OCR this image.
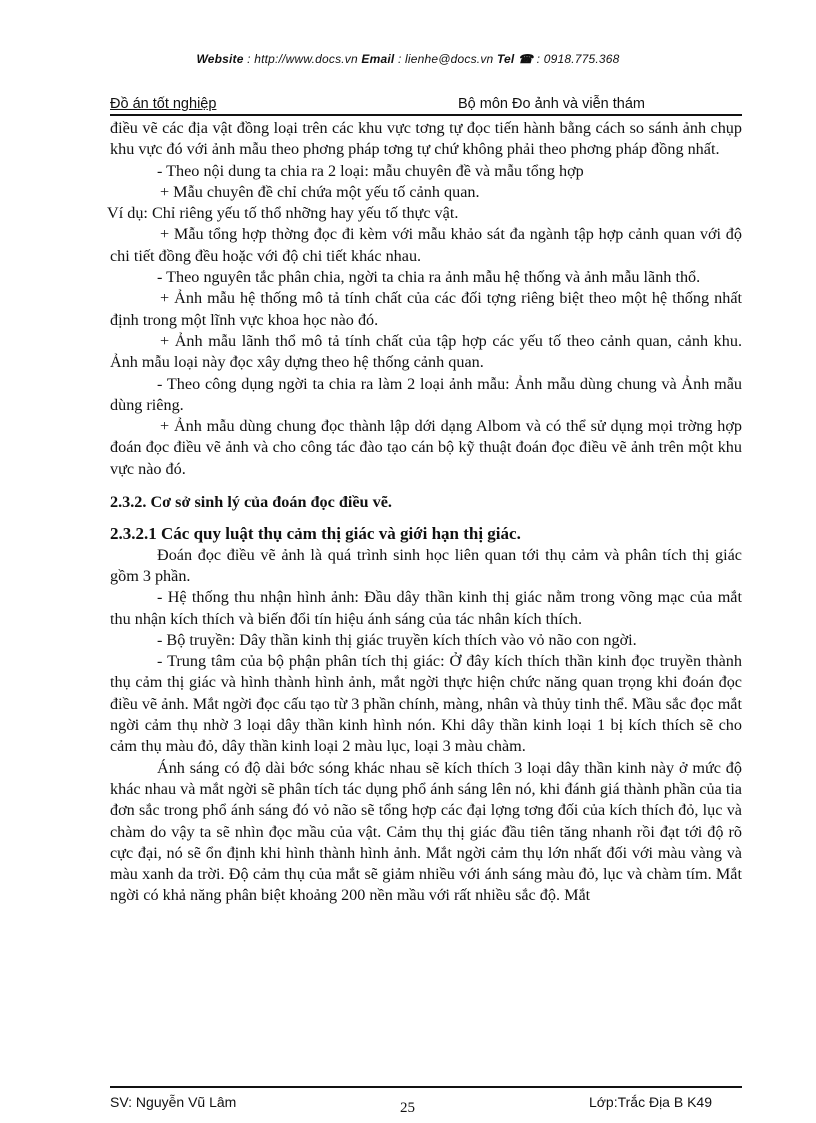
Website : http://www.docs.vn Email : lienhe@docs.vn Tel ☎ : 0918.775.368
Đồ án tốt nghiệp	Bộ môn Đo ảnh và viễn thám

điều vẽ các địa vật đồng loại trên các khu vực tơng tự đọc tiến hành bằng cách so sánh ảnh chụp khu vực đó với ảnh mẫu theo phơng pháp tơng tự chứ không phải theo phơng pháp đồng nhất.

- Theo nội dung ta chia ra 2 loại: mẫu chuyên đề và mẫu tổng hợp

+ Mẫu chuyên đề chỉ chứa một yếu tố cảnh quan.

Ví dụ: Chỉ riêng yếu tố thổ nhỡng hay yếu tố thực vật.

+ Mẫu tổng hợp thờng đọc đi kèm với mẫu khảo sát đa ngành tập hợp cảnh quan với độ chi tiết đồng đều hoặc với độ chi tiết khác nhau.

- Theo nguyên tắc phân chia, ngời ta chia ra ảnh mẫu hệ thống và ảnh mẫu lãnh thổ.

+ Ảnh mẫu hệ thống mô tả tính chất của các đối tợng riêng biệt theo một hệ thống nhất định trong một lĩnh vực khoa học nào đó.

+ Ảnh mẫu lãnh thổ mô tả tính chất của tập hợp các yếu tố theo cảnh quan, cảnh khu. Ảnh mẫu loại này đọc xây dựng theo hệ thống cảnh quan.

- Theo công dụng ngời ta chia ra làm 2 loại ảnh mẫu: Ảnh mẫu dùng chung và Ảnh mẫu dùng riêng.

+ Ảnh mẫu dùng chung đọc thành lập dới dạng Albom và có thể sử dụng mọi trờng hợp đoán đọc điều vẽ ảnh và cho công tác đào tạo cán bộ kỹ thuật đoán đọc điều vẽ ảnh trên một khu vực nào đó.

2.3.2. Cơ sở sinh lý của đoán đọc điều vẽ.

2.3.2.1 Các quy luật thụ cảm thị giác và giới hạn thị giác.

Đoán đọc điều vẽ ảnh là quá trình sinh học liên quan tới thụ cảm và phân tích thị giác gồm 3 phần.

- Hệ thống thu nhận hình ảnh: Đầu dây thần kinh thị giác nằm trong võng mạc của mắt thu nhận kích thích và biến đổi tín hiệu ánh sáng của tác nhân kích thích.

- Bộ truyền: Dây thần kinh thị giác truyền kích thích vào vỏ não con ngời.

- Trung tâm của bộ phận phân tích thị giác: Ở đây kích thích thần kinh đọc truyền thành thụ cảm thị giác và hình thành hình ảnh, mắt ngời thực hiện chức năng quan trọng khi đoán đọc điều vẽ ảnh. Mắt ngời đọc cấu tạo từ 3 phần chính, màng, nhân và thủy tinh thể. Mầu sắc đọc mắt ngời cảm thụ nhờ 3 loại dây thần kinh hình nón. Khi dây thần kinh loại 1 bị kích thích sẽ cho cảm thụ màu đỏ, dây thần kinh loại 2 màu lục, loại 3 màu chàm.

Ánh sáng có độ dài bớc sóng khác nhau sẽ kích thích 3 loại dây thần kinh này ở mức độ khác nhau và mắt ngời sẽ phân tích tác dụng phổ ánh sáng lên nó, khi đánh giá thành phần của tia đơn sắc trong phổ ánh sáng đó vỏ não sẽ tổng hợp các đại lợng tơng đối của kích thích đỏ, lục và chàm do vậy ta sẽ nhìn đọc mầu của vật. Cảm thụ thị giác đầu tiên tăng nhanh rồi đạt tới độ rõ cực đại, nó sẽ ổn định khi hình thành hình ảnh. Mắt ngời cảm thụ lớn nhất đối với màu vàng và màu xanh da trời. Độ cảm thụ của mắt sẽ giảm nhiều với ánh sáng màu đỏ, lục và chàm tím. Mắt ngời có khả năng phân biệt khoảng 200 nền mầu với rất nhiều sắc độ. Mắt

SV: Nguyễn Vũ Lâm	25	Lớp:Trắc Địa B K49
